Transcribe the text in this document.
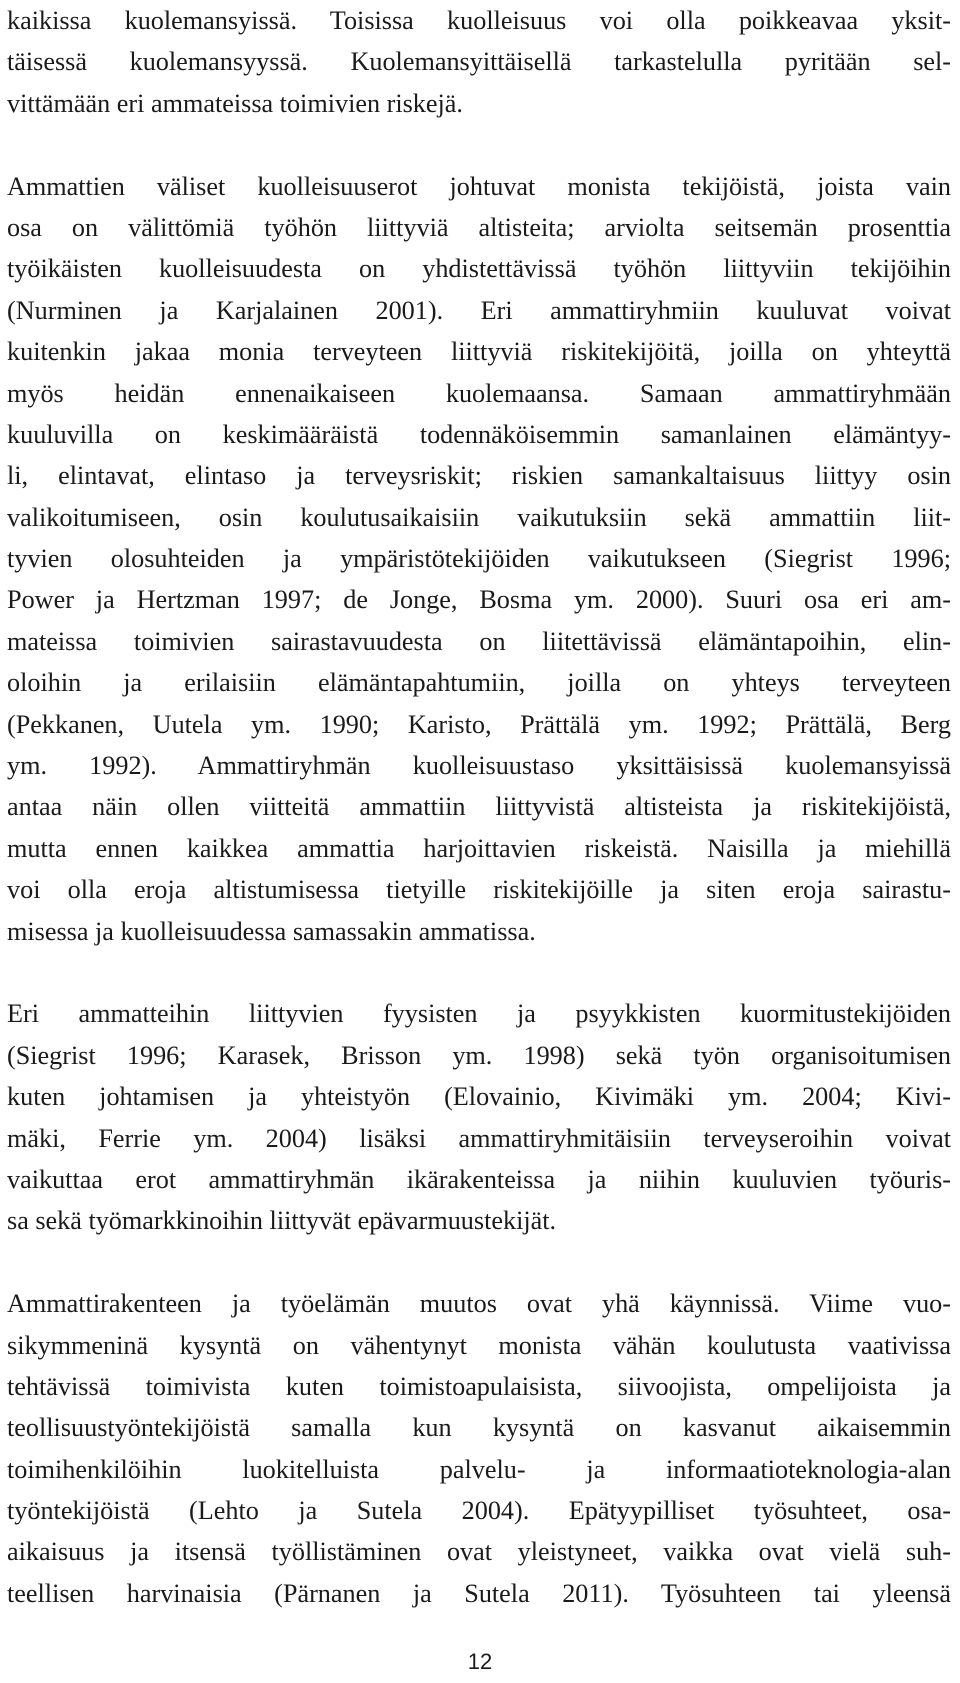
kaikissa kuolemansyissä. Toisissa kuolleisuus voi olla poikkeavaa yksit-
täisessä kuolemansyyssä. Kuolemansyittäisellä tarkastelulla pyritään sel-
vittämään eri ammateissa toimivien riskejä.
Ammattien väliset kuolleisuuserot johtuvat monista tekijöistä, joista vain
osa on välittömiä työhön liittyviä altisteita; arviolta seitsemän prosenttia
työikäisten kuolleisuudesta on yhdistettävissä työhön liittyviin tekijöihin
(Nurminen ja Karjalainen 2001). Eri ammattiryhmiin kuuluvat voivat
kuitenkin jakaa monia terveyteen liittyviä riskitekijöitä, joilla on yhteyttä
myös heidän ennenaikaiseen kuolemaansa. Samaan ammattiryhmään
kuuluvilla on keskimääräistä todennäköisemmin samanlainen elämäntyy-
li, elintavat, elintaso ja terveysriskit; riskien samankaltaisuus liittyy osin
valikoitumiseen, osin koulutusaikaisiin vaikutuksiin sekä ammattiin liit-
tyvien olosuhteiden ja ympäristötekijöiden vaikutukseen (Siegrist 1996;
Power ja Hertzman 1997; de Jonge, Bosma ym. 2000). Suuri osa eri am-
mateissa toimivien sairastavuudesta on liitettävissä elämäntapoihin, elin-
oloihin ja erilaisiin elämäntapahtumiin, joilla on yhteys terveyteen
(Pekkanen, Uutela ym. 1990; Karisto, Prättälä ym. 1992; Prättälä, Berg
ym. 1992). Ammattiryhmän kuolleisuustaso yksittäisissä kuolemansyissä
antaa näin ollen viitteitä ammattiin liittyvistä altisteista ja riskitekijöistä,
mutta ennen kaikkea ammattia harjoittavien riskeistä. Naisilla ja miehillä
voi olla eroja altistumisessa tietyille riskitekijöille ja siten eroja sairastu-
misessa ja kuolleisuudessa samassakin ammatissa.
Eri ammatteihin liittyvien fyysisten ja psyykkisten kuormitustekijöiden
(Siegrist 1996; Karasek, Brisson ym. 1998) sekä työn organisoitumisen
kuten johtamisen ja yhteistyön (Elovainio, Kivimäki ym. 2004; Kivi-
mäki, Ferrie ym. 2004) lisäksi ammattiryhmitäisiin terveyseroihin voivat
vaikuttaa erot ammattiryhmän ikärakenteissa ja niihin kuuluvien työuris-
sa sekä työmarkkinoihin liittyvät epävarmuustekijät.
Ammattirakenteen ja työelämän muutos ovat yhä käynnissä. Viime vuo-
sikymmeninä kysyntä on vähentynyt monista vähän koulutusta vaativissa
tehtävissä toimivista kuten toimistoapulaisista, siivoojista, ompelijoista ja
teollisuustyöntekijöistä samalla kun kysyntä on kasvanut aikaisemmin
toimihenkilöihin luokitelluista palvelu- ja informaatioteknologia-alan
työntekijöistä (Lehto ja Sutela 2004). Epätyypilliset työsuhteet, osa-
aikaisuus ja itsensä työllistäminen ovat yleistyneet, vaikka ovat vielä suh-
teellisen harvinaisia (Pärnanen ja Sutela 2011). Työsuhteen tai yleensä
12
